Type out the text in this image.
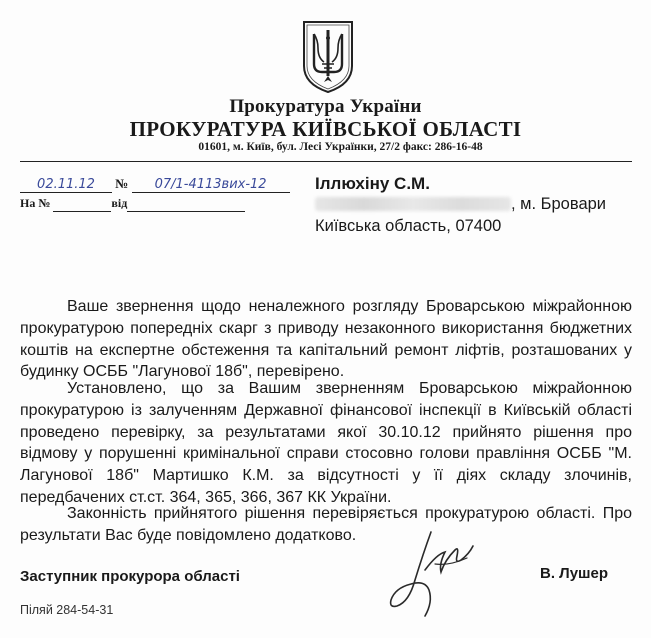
Прокуратура України
ПРОКУРАТУРА КИЇВСЬКОЇ ОБЛАСТІ
01601, м. Київ, бул. Лесі Українки, 27/2 факс: 286-16-48
02.11.12 № 07/1-4113вих-12
На №	від
Іллюхіну С.М.
, м. Бровари
Київська область, 07400
Ваше звернення щодо неналежного розгляду Броварською міжрайонною прокуратурою попередніх скарг з приводу незаконного використання бюджетних коштів на експертне обстеження та капітальний ремонт ліфтів, розташованих у будинку ОСББ "Лагунової 18б", перевірено.
Установлено, що за Вашим зверненням Броварською міжрайонною прокуратурою із залученням Державної фінансової інспекції в Київській області проведено перевірку, за результатами якої 30.10.12 прийнято рішення про відмову у порушенні кримінальної справи стосовно голови правління ОСББ "М. Лагунової 18б" Мартишко К.М. за відсутності у її діях складу злочинів, передбачених ст.ст. 364, 365, 366, 367 КК України.
Законність прийнятого рішення перевіряється прокуратурою області. Про результати Вас буде повідомлено додатково.
Заступник прокурора області	В. Лушер
Піляй 284-54-31
